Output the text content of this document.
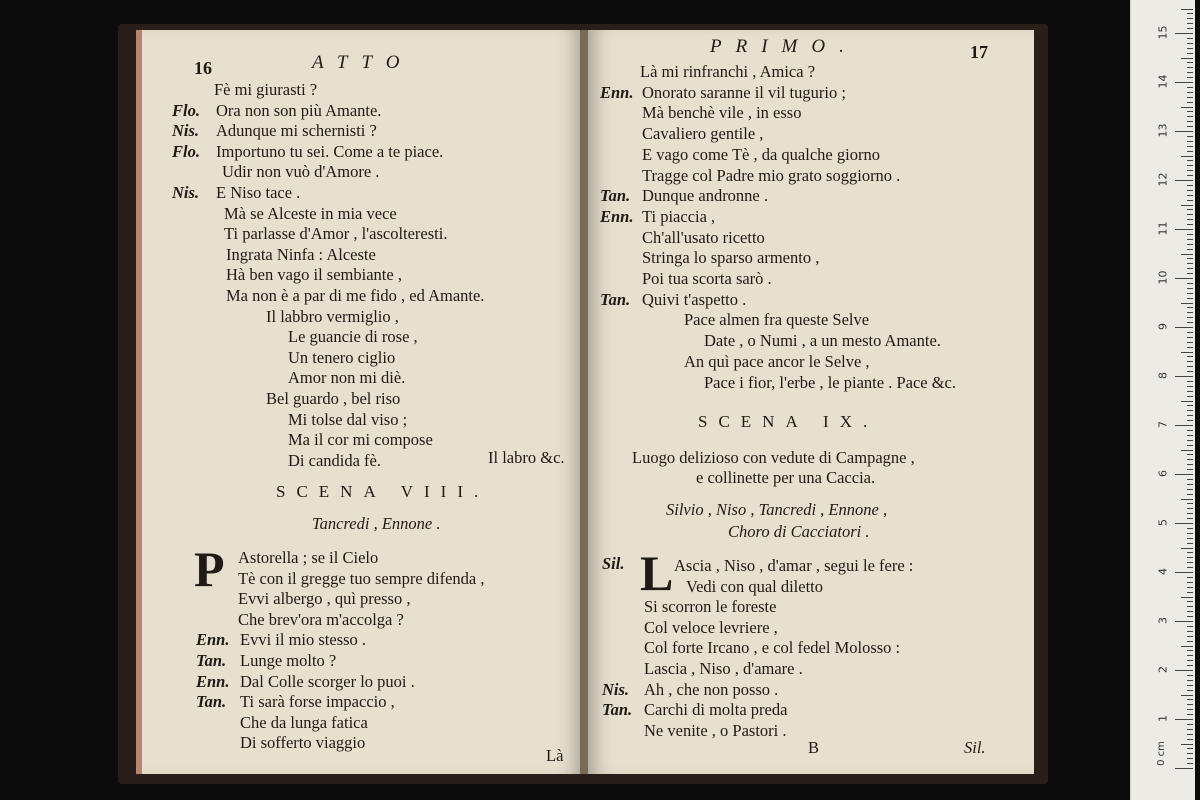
16	ATTO
Fè mi giurasti ?
Flo. Ora non son più Amante.
Nis. Adunque mi schernisti ?
Flo. Importuno tu sei. Come a te piace.
Udir non vuò d'Amore .
Nis. E Niso tace .
Mà se Alceste in mia vece
Ti parlasse d'Amor , l'ascolteresti.
Ingrata Ninfa : Alceste
Hà ben vago il sembiante ,
Ma non è a par di me fido , ed Amante.
Il labbro vermiglio ,
Le guancie di rose ,
Un tenero ciglio
Amor non mi diè.
Bel guardo , bel riso
Mi tolse dal viso ;
Ma il cor mi compose
Di candida fè.	Il labro &c.
SCENA VIII.
Tancredi , Ennone .
P Astorella ; se il Cielo
Tè con il gregge tuo sempre difenda ,
Evvi albergo , quì presso ,
Che brev'ora m'accolga ?
Enn. Evvi il mio stesso .
Tan. Lunge molto ?
Enn. Dal Colle scorger lo puoi .
Tan. Ti sarà forse impaccio ,
Che da lunga fatica
Di sofferto viaggio
Là
PRIMO.	17
Là mi rinfranchi , Amica ?
Enn. Onorato saranne il vil tugurio ;
Mà benchè vile , in esso
Cavaliero gentile ,
E vago come Tè , da qualche giorno
Tragge col Padre mio grato soggiorno .
Tan. Dunque andronne .
Enn. Ti piaccia ,
Ch'all'usato ricetto
Stringa lo sparso armento ,
Poi tua scorta sarò .
Tan. Quivi t'aspetto .
Pace almen fra queste Selve
Date , o Numi , a un mesto Amante.
An quì pace ancor le Selve ,
Pace i fior, l'erbe , le piante . Pace &c.
SCENA IX.
Luogo delizioso con vedute di Campagne ,
e collinette per una Caccia.
Silvio , Niso , Tancredi , Ennone ,
Choro di Cacciatori .
Sil. L Ascia , Niso , d'amar , segui le fere :
Vedi con qual diletto
Si scorron le foreste
Col veloce levriere ,
Col forte Ircano , e col fedel Molosso :
Lascia , Niso , d'amare .
Nis. Ah , che non posso .
Tan. Carchi di molta preda
Ne venite , o Pastori .
B	Sil.
1
2
3
4
5
6
7
8
9
10
11
12
13
14
15
0 cm
